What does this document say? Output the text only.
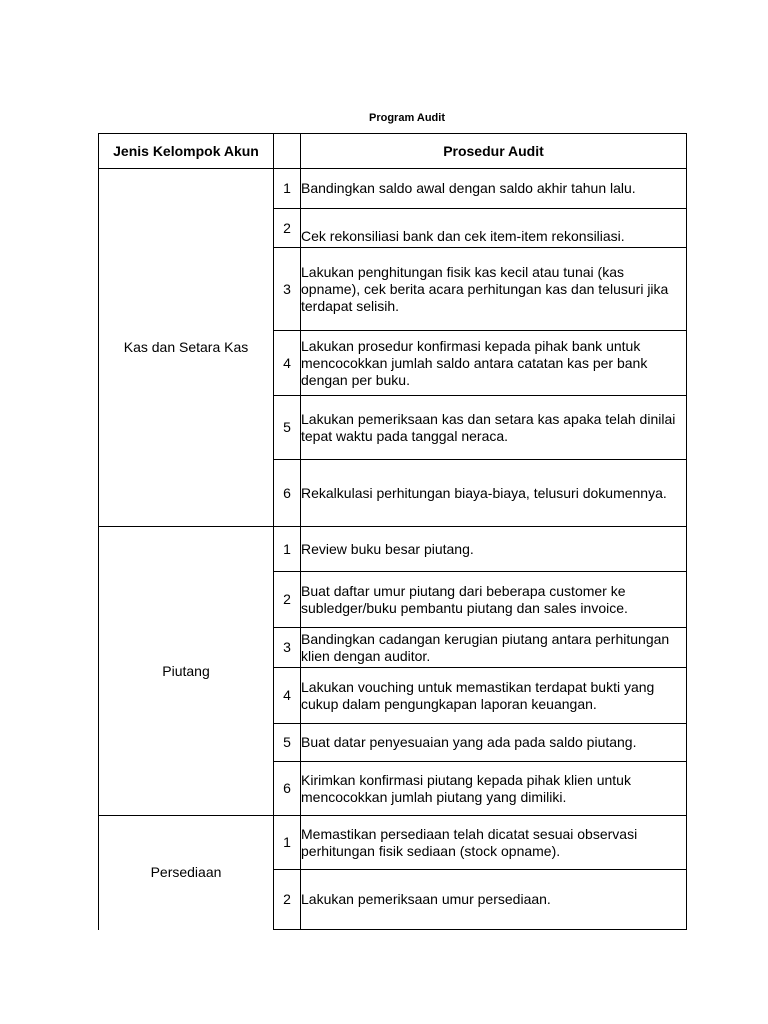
Program Audit
Jenis Kelompok Akun		Prosedur Audit
Kas dan Setara Kas	1	Bandingkan saldo awal dengan saldo akhir tahun lalu.
	2	Cek rekonsiliasi bank dan cek item-item rekonsiliasi.
	3	Lakukan penghitungan fisik kas kecil atau tunai (kas opname), cek berita acara perhitungan kas dan telusuri jika terdapat selisih.
	4	Lakukan prosedur konfirmasi kepada pihak bank untuk mencocokkan jumlah saldo antara catatan kas per bank dengan per buku.
	5	Lakukan pemeriksaan kas dan setara kas apaka telah dinilai tepat waktu pada tanggal neraca.
	6	Rekalkulasi perhitungan biaya-biaya, telusuri dokumennya.
Piutang	1	Review buku besar piutang.
	2	Buat daftar umur piutang dari beberapa customer ke subledger/buku pembantu piutang dan sales invoice.
	3	Bandingkan cadangan kerugian piutang antara perhitungan klien dengan auditor.
	4	Lakukan vouching untuk memastikan terdapat bukti yang cukup dalam pengungkapan laporan keuangan.
	5	Buat datar penyesuaian yang ada pada saldo piutang.
	6	Kirimkan konfirmasi piutang kepada pihak klien untuk mencocokkan jumlah piutang yang dimiliki.
Persediaan	1	Memastikan persediaan telah dicatat sesuai observasi perhitungan fisik sediaan (stock opname).
	2	Lakukan pemeriksaan umur persediaan.
